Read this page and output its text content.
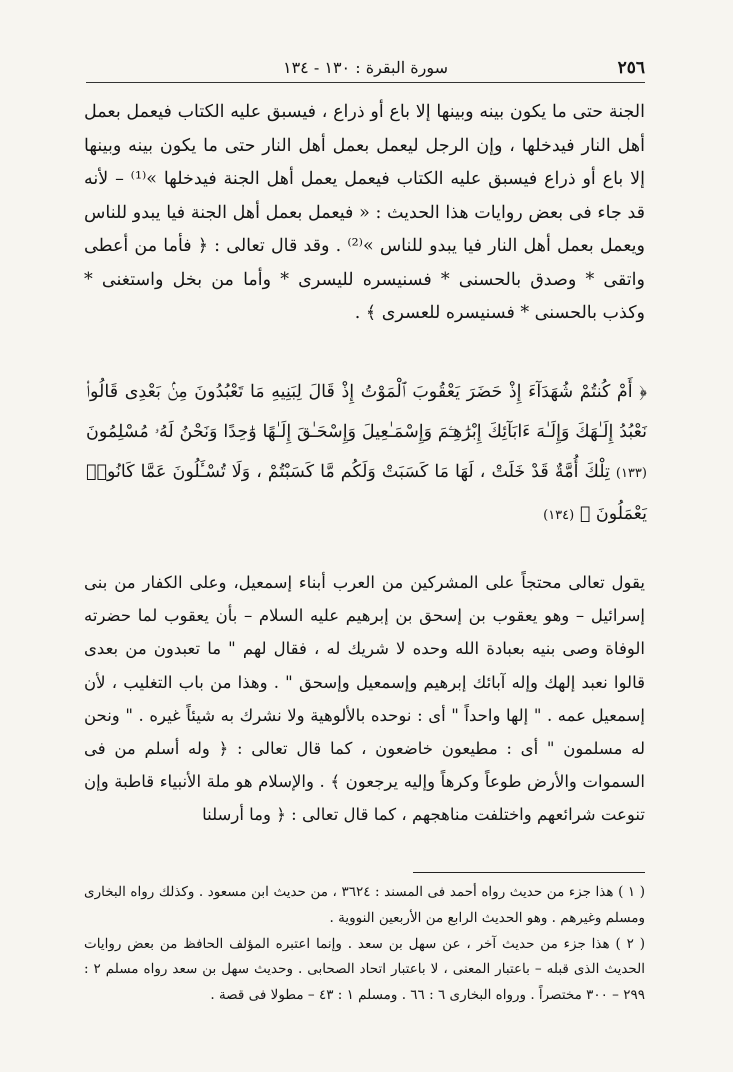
٢٥٦
سورة البقرة : ١٣٠ - ١٣٤
الجنة حتى ما يكون بينه وبينها إلا باع أو ذراع ، فيسبق عليه الكتاب فيعمل بعمل أهل النار فيدخلها ، وإن الرجل ليعمل بعمل أهل النار حتى ما يكون بينه وبينها إلا باع أو ذراع فيسبق عليه الكتاب فيعمل يعمل أهل الجنة فيدخلها »⁽¹⁾ – لأنه قد جاء فى بعض روايات هذا الحديث : « فيعمل بعمل أهل الجنة فيا يبدو للناس ويعمل بعمل أهل النار فيا يبدو للناس »⁽²⁾ . وقد قال تعالى : ﴿ فأما من أعطى واتقى * وصدق بالحسنى * فسنيسره لليسرى * وأما من بخل واستغنى * وكذب بالحسنى * فسنيسره للعسرى ﴾ .
﴿ أَمْ كُنتُمْ شُهَدَآءَ إِذْ حَضَرَ يَعْقُوبَ ٱلْمَوْتُ إِذْ قَالَ لِبَنِيهِ مَا تَعْبُدُونَ مِنۢ بَعْدِى قَالُوا۟ نَعْبُدُ إِلَـٰهَكَ وَإِلَـٰهَ ءَابَآئِكَ إِبْرَٰهِـۧمَ وَإِسْمَـٰعِيلَ وَإِسْحَـٰقَ إِلَـٰهًا وَٰحِدًا وَنَحْنُ لَهُۥ مُسْلِمُونَ (١٣٣) تِلْكَ أُمَّةٌ قَدْ خَلَتْ ، لَهَا مَا كَسَبَتْ وَلَكُم مَّا كَسَبْتُمْ ، وَلَا تُسْـَٔلُونَ عَمَّا كَانُوا۟ يَعْمَلُونَ ﴾ (١٣٤)
يقول تعالى محتجاً على المشركين من العرب أبناء إسمعيل، وعلى الكفار من بنى إسرائيل – وهو يعقوب بن إسحق بن إبرهيم عليه السلام – بأن يعقوب لما حضرته الوفاة وصى بنيه بعبادة الله وحده لا شريك له ، فقال لهم " ما تعبدون من بعدى قالوا نعبد إلهك وإله آبائك إبرهيم وإسمعيل وإسحق " . وهذا من باب التغليب ، لأن إسمعيل عمه . " إلها واحداً " أى : نوحده بالألوهية ولا نشرك به شيئاً غيره . " ونحن له مسلمون " أى : مطيعون خاضعون ، كما قال تعالى : ﴿ وله أسلم من فى السموات والأرض طوعاً وكرهاً وإليه يرجعون ﴾ . والإسلام هو ملة الأنبياء قاطبة وإن تنوعت شرائعهم واختلفت مناهجهم ، كما قال تعالى : ﴿ وما أرسلنا

( ١ ) هذا جزء من حديث رواه أحمد فى المسند : ٣٦٢٤ ، من حديث ابن مسعود . وكذلك رواه البخارى ومسلم وغيرهم . وهو الحديث الرابع من الأربعين النووية .

( ٢ ) هذا جزء من حديث آخر ، عن سهل بن سعد . وإنما اعتبره المؤلف الحافظ من بعض روايات الحديث الذى قبله – باعتبار المعنى ، لا باعتبار اتحاد الصحابى . وحديث سهل بن سعد رواه مسلم ٢ : ٢٩٩ – ٣٠٠ مختصراً . ورواه البخارى ٦ : ٦٦ . ومسلم ١ : ٤٣ – مطولا فى قصة .
